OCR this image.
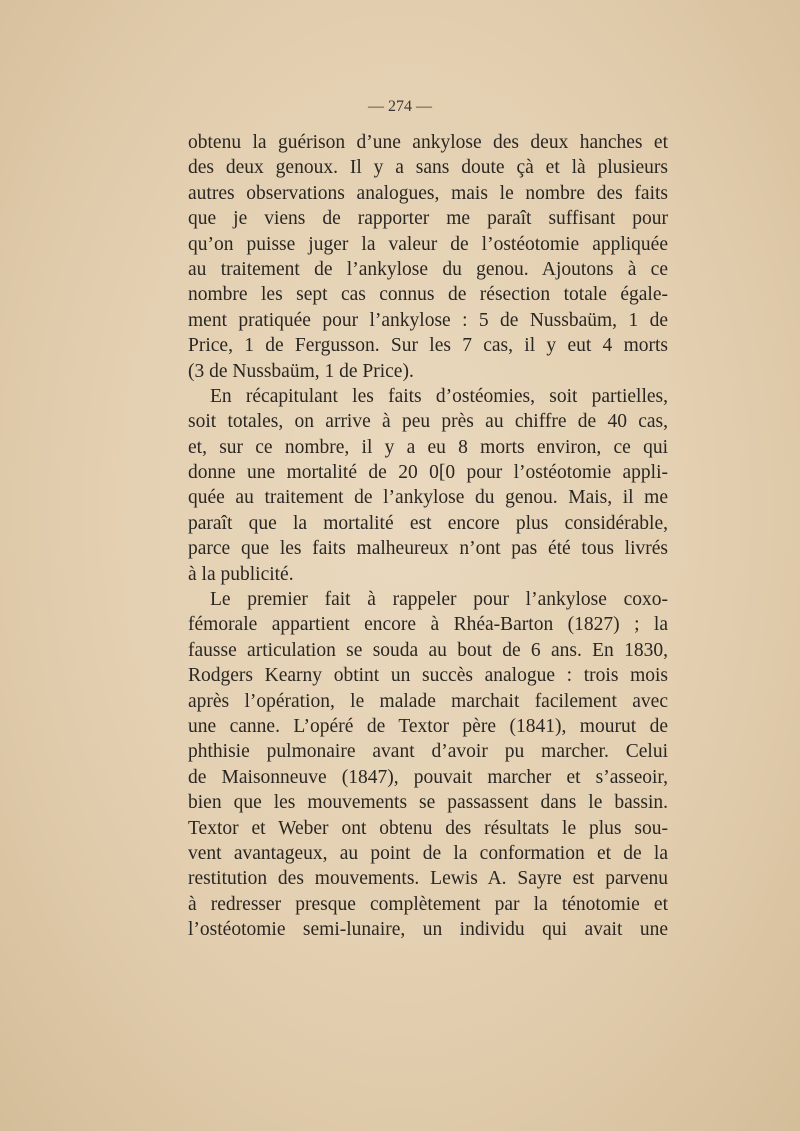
— 274 —
obtenu la guérison d’une ankylose des deux hanches et
des deux genoux. Il y a sans doute çà et là plusieurs
autres observations analogues, mais le nombre des faits
que je viens de rapporter me paraît suffisant pour
qu’on puisse juger la valeur de l’ostéotomie appliquée
au traitement de l’ankylose du genou. Ajoutons à ce
nombre les sept cas connus de résection totale égale-
ment pratiquée pour l’ankylose : 5 de Nussbaüm, 1 de
Price, 1 de Fergusson. Sur les 7 cas, il y eut 4 morts
(3 de Nussbaüm, 1 de Price).
En récapitulant les faits d’ostéomies, soit partielles,
soit totales, on arrive à peu près au chiffre de 40 cas,
et, sur ce nombre, il y a eu 8 morts environ, ce qui
donne une mortalité de 20 0[0 pour l’ostéotomie appli-
quée au traitement de l’ankylose du genou. Mais, il me
paraît que la mortalité est encore plus considérable,
parce que les faits malheureux n’ont pas été tous livrés
à la publicité.
Le premier fait à rappeler pour l’ankylose coxo-
fémorale appartient encore à Rhéa-Barton (1827) ; la
fausse articulation se souda au bout de 6 ans. En 1830,
Rodgers Kearny obtint un succès analogue : trois mois
après l’opération, le malade marchait facilement avec
une canne. L’opéré de Textor père (1841), mourut de
phthisie pulmonaire avant d’avoir pu marcher. Celui
de Maisonneuve (1847), pouvait marcher et s’asseoir,
bien que les mouvements se passassent dans le bassin.
Textor et Weber ont obtenu des résultats le plus sou-
vent avantageux, au point de la conformation et de la
restitution des mouvements. Lewis A. Sayre est parvenu
à redresser presque complètement par la ténotomie et
l’ostéotomie semi-lunaire, un individu qui avait une
